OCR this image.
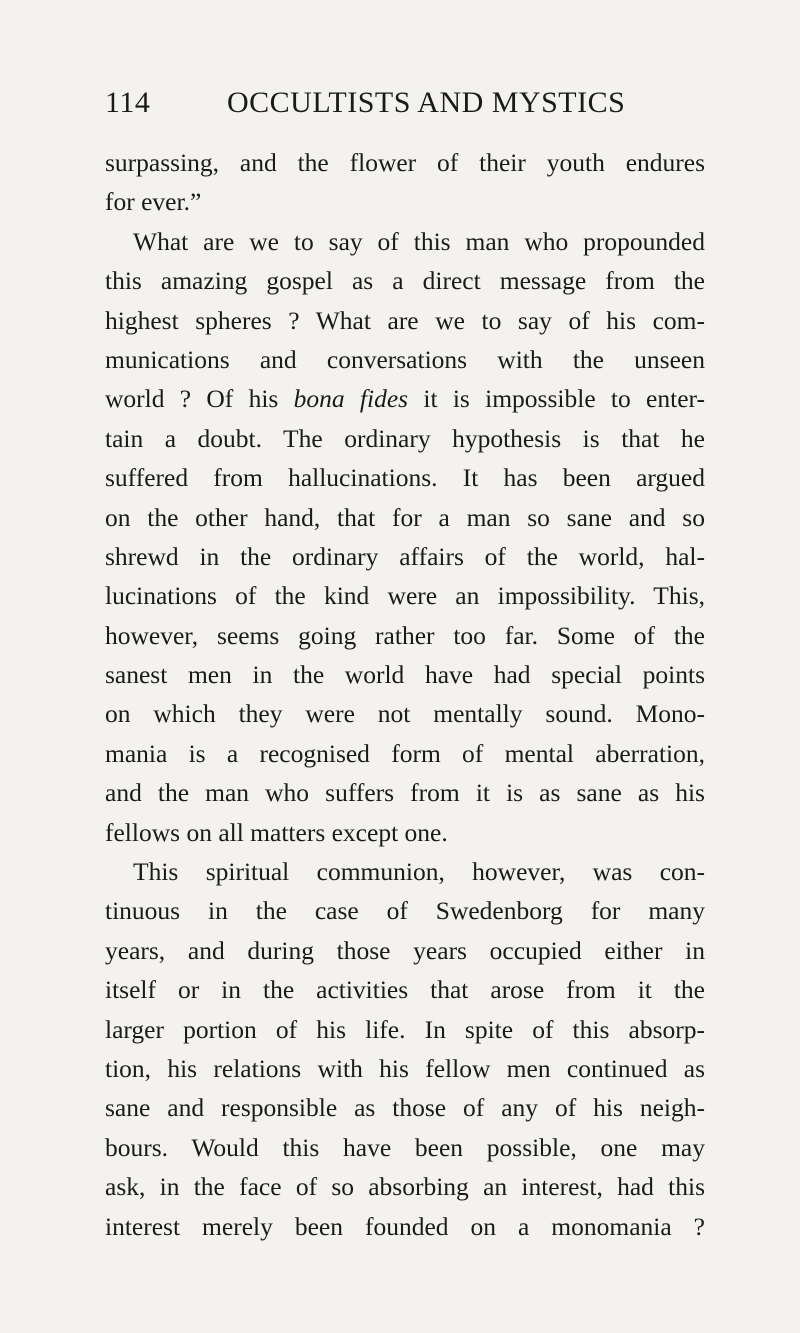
114	OCCULTISTS AND MYSTICS
surpassing, and the flower of their youth endures
for ever.”
What are we to say of this man who propounded
this amazing gospel as a direct message from the
highest spheres ? What are we to say of his com-
munications and conversations with the unseen
world ? Of his bona fides it is impossible to enter-
tain a doubt. The ordinary hypothesis is that he
suffered from hallucinations. It has been argued
on the other hand, that for a man so sane and so
shrewd in the ordinary affairs of the world, hal-
lucinations of the kind were an impossibility. This,
however, seems going rather too far. Some of the
sanest men in the world have had special points
on which they were not mentally sound. Mono-
mania is a recognised form of mental aberration,
and the man who suffers from it is as sane as his
fellows on all matters except one.
This spiritual communion, however, was con-
tinuous in the case of Swedenborg for many
years, and during those years occupied either in
itself or in the activities that arose from it the
larger portion of his life. In spite of this absorp-
tion, his relations with his fellow men continued as
sane and responsible as those of any of his neigh-
bours. Would this have been possible, one may
ask, in the face of so absorbing an interest, had this
interest merely been founded on a monomania ?
